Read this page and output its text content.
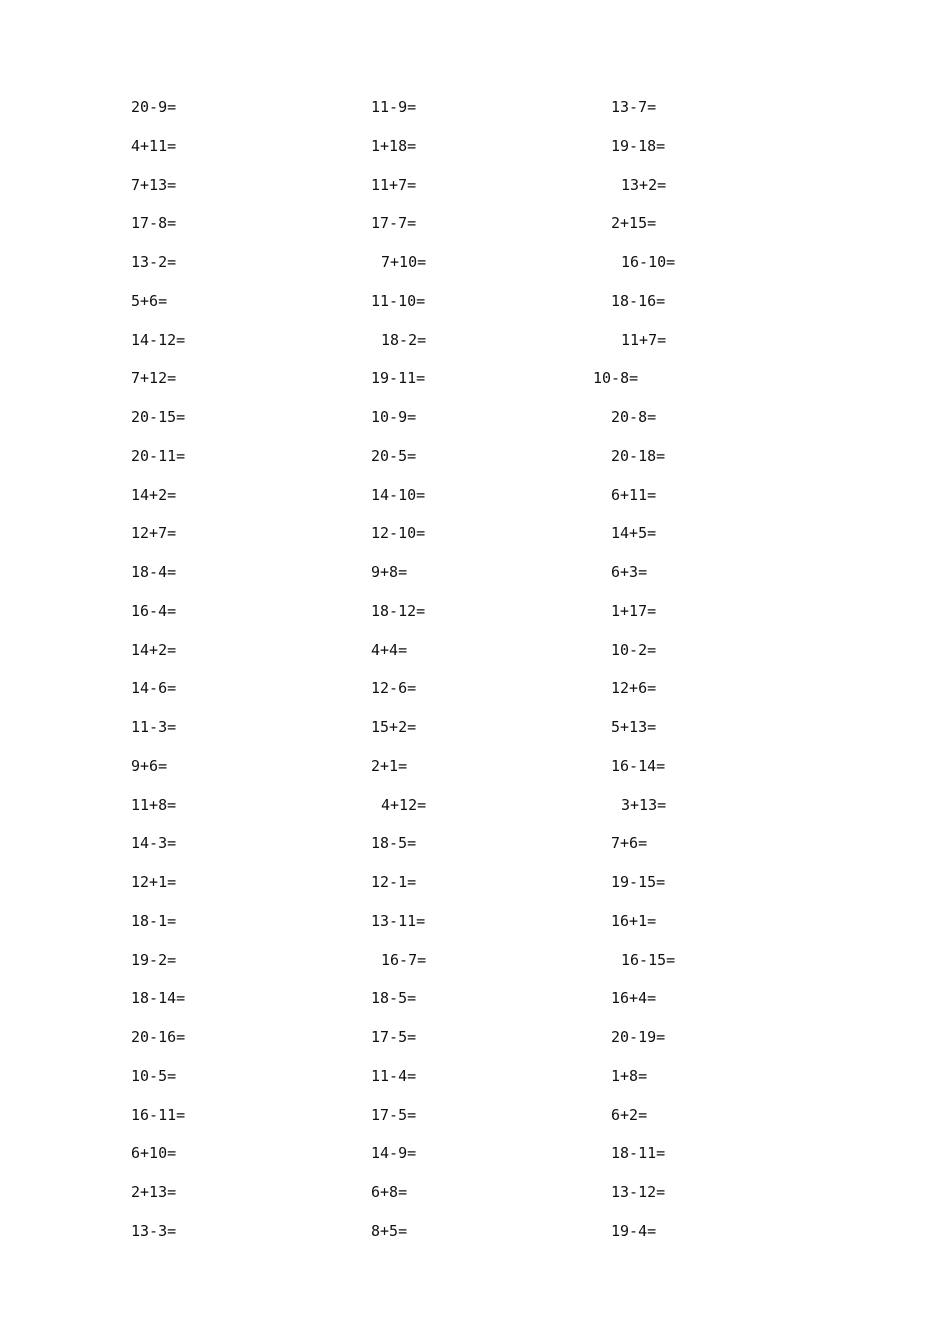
20-9=
4+11=
7+13=
17-8=
13-2=
5+6=
14-12=
7+12=
20-15=
20-11=
14+2=
12+7=
18-4=
16-4=
14+2=
14-6=
11-3=
9+6=
11+8=
14-3=
12+1=
18-1=
19-2=
18-14=
20-16=
10-5=
16-11=
6+10=
2+13=
13-3=
11-9=
1+18=
11+7=
17-7=
7+10=
11-10=
18-2=
19-11=
10-9=
20-5=
14-10=
12-10=
9+8=
18-12=
4+4=
12-6=
15+2=
2+1=
4+12=
18-5=
12-1=
13-11=
16-7=
18-5=
17-5=
11-4=
17-5=
14-9=
6+8=
8+5=
13-7=
19-18=
13+2=
2+15=
16-10=
18-16=
11+7=
10-8=
20-8=
20-18=
6+11=
14+5=
6+3=
1+17=
10-2=
12+6=
5+13=
16-14=
3+13=
7+6=
19-15=
16+1=
16-15=
16+4=
20-19=
1+8=
6+2=
18-11=
13-12=
19-4=
